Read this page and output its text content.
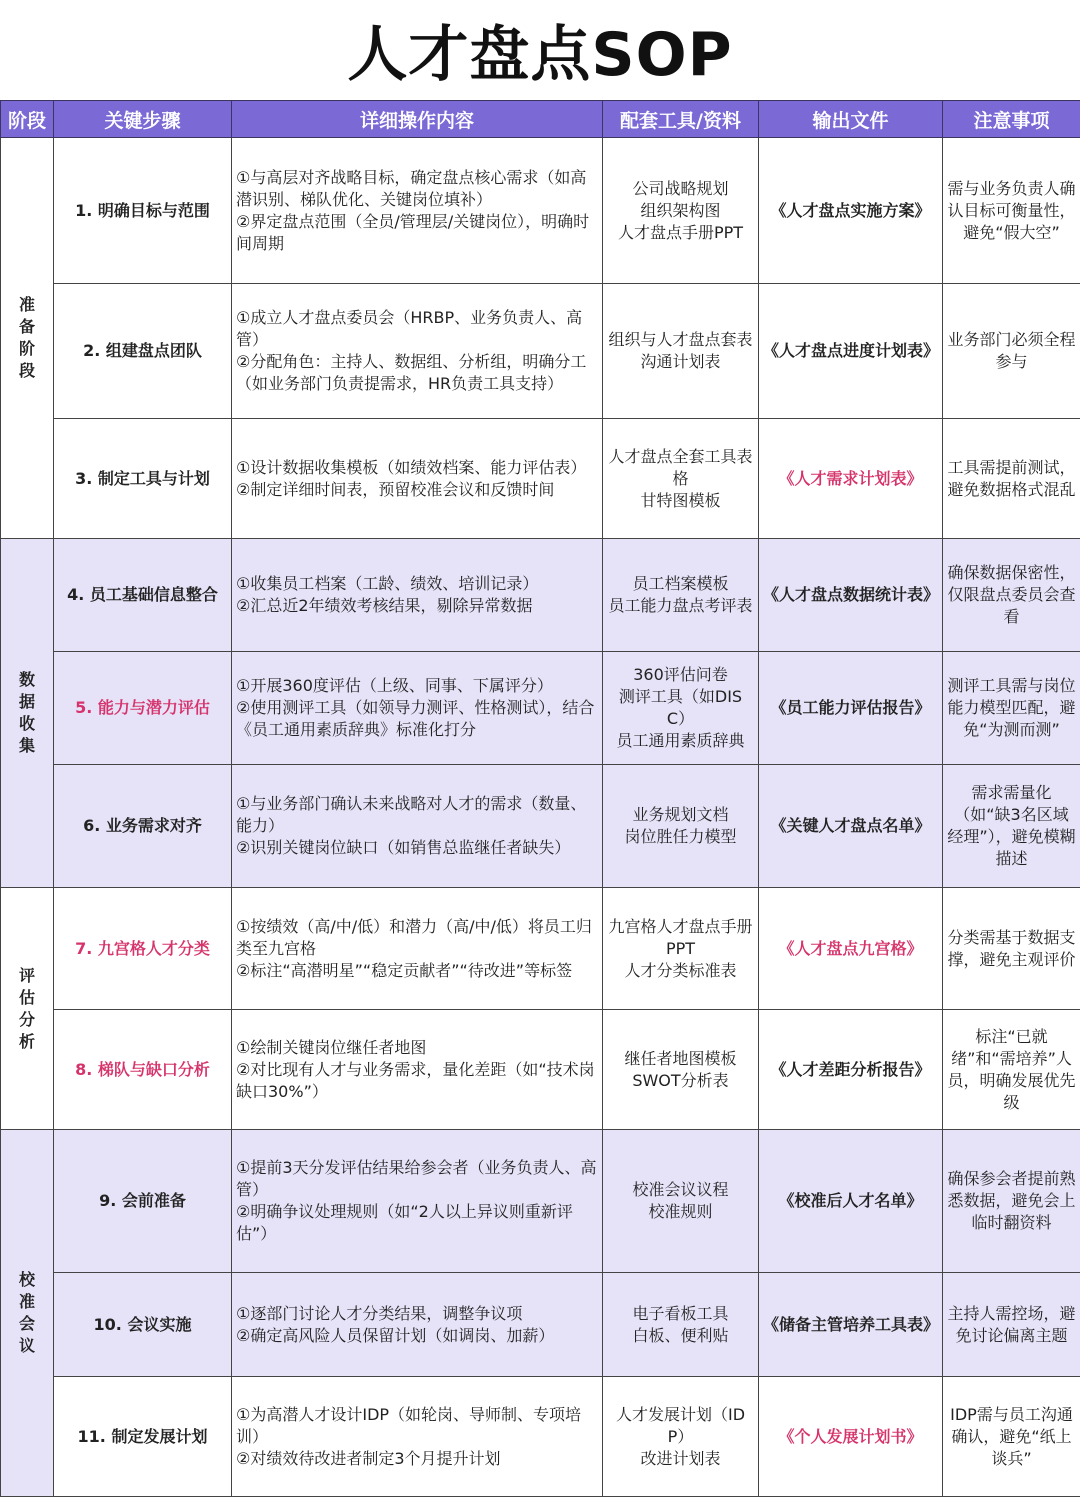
人才盘点SOP
阶段	关键步骤	详细操作内容	配套工具/资料	输出文件	注意事项
准备阶段	1. 明确目标与范围	①与高层对齐战略目标，确定盘点核心需求（如高潜识别、梯队优化、关键岗位填补）
②界定盘点范围（全员/管理层/关键岗位），明确时间周期	公司战略规划
组织架构图
人才盘点手册PPT	《人才盘点实施方案》	需与业务负责人确认目标可衡量性，避免“假大空”
	2. 组建盘点团队	①成立人才盘点委员会（HRBP、业务负责人、高管）
②分配角色：主持人、数据组、分析组，明确分工（如业务部门负责提需求，HR负责工具支持）	组织与人才盘点套表
沟通计划表	《人才盘点进度计划表》	业务部门必须全程参与
	3. 制定工具与计划	①设计数据收集模板（如绩效档案、能力评估表）
②制定详细时间表，预留校准会议和反馈时间	人才盘点全套工具表格
甘特图模板	《人才需求计划表》	工具需提前测试，避免数据格式混乱
数据收集	4. 员工基础信息整合	①收集员工档案（工龄、绩效、培训记录）
②汇总近2年绩效考核结果，剔除异常数据	员工档案模板
员工能力盘点考评表	《人才盘点数据统计表》	确保数据保密性，仅限盘点委员会查看
	5. 能力与潜力评估	①开展360度评估（上级、同事、下属评分）
②使用测评工具（如领导力测评、性格测试），结合《员工通用素质辞典》标准化打分	360评估问卷
测评工具（如DISC）
员工通用素质辞典	《员工能力评估报告》	测评工具需与岗位能力模型匹配，避免“为测而测”
	6. 业务需求对齐	①与业务部门确认未来战略对人才的需求（数量、能力）
②识别关键岗位缺口（如销售总监继任者缺失）	业务规划文档
岗位胜任力模型	《关键人才盘点名单》	需求需量化（如“缺3名区域经理”），避免模糊描述
评估分析	7. 九宫格人才分类	①按绩效（高/中/低）和潜力（高/中/低）将员工归类至九宫格
②标注“高潜明星”“稳定贡献者”“待改进”等标签	九宫格人才盘点手册PPT
人才分类标准表	《人才盘点九宫格》	分类需基于数据支撑，避免主观评价
	8. 梯队与缺口分析	①绘制关键岗位继任者地图
②对比现有人才与业务需求，量化差距（如“技术岗缺口30%”）	继任者地图模板
SWOT分析表	《人才差距分析报告》	标注“已就绪”和“需培养”人员，明确发展优先级
校准会议	9. 会前准备	①提前3天分发评估结果给参会者（业务负责人、高管）
②明确争议处理规则（如“2人以上异议则重新评估”）	校准会议议程
校准规则	《校准后人才名单》	确保参会者提前熟悉数据，避免会上临时翻资料
	10. 会议实施	①逐部门讨论人才分类结果，调整争议项
②确定高风险人员保留计划（如调岗、加薪）	电子看板工具
白板、便利贴	《储备主管培养工具表》	主持人需控场，避免讨论偏离主题
	11. 制定发展计划	①为高潜人才设计IDP（如轮岗、导师制、专项培训）
②对绩效待改进者制定3个月提升计划	人才发展计划（IDP）
改进计划表	《个人发展计划书》	IDP需与员工沟通确认，避免“纸上谈兵”
